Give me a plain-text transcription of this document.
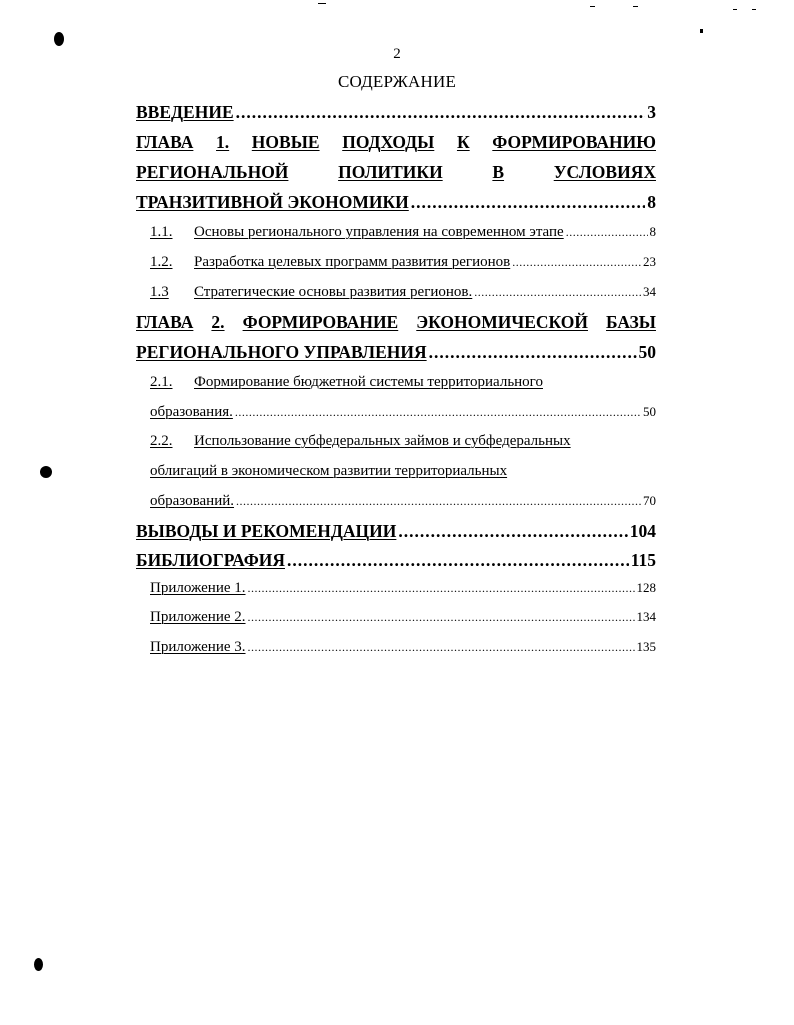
2
СОДЕРЖАНИЕ
ВВЕДЕНИЕ .....	3
ГЛАВА 1. НОВЫЕ ПОДХОДЫ К ФОРМИРОВАНИЮ
РЕГИОНАЛЬНОЙ	ПОЛИТИКИ	В	УСЛОВИЯХ
ТРАНЗИТИВНОЙ ЭКОНОМИКИ .....	8
1.1.	Основы регионального управления на современном этапе .....	8
1.2.	Разработка целевых программ развития регионов .....	23
1.3	Стратегические основы развития регионов. .....	34
ГЛАВА 2. ФОРМИРОВАНИЕ ЭКОНОМИЧЕСКОЙ БАЗЫ
РЕГИОНАЛЬНОГО УПРАВЛЕНИЯ .....	50
2.1.	Формирование бюджетной системы территориального
образования. .....	50
2.2.	Использование субфедеральных займов и субфедеральных
облигаций в экономическом развитии территориальных
образований. .....	70
ВЫВОДЫ И РЕКОМЕНДАЦИИ .....	104
БИБЛИОГРАФИЯ .....	115
Приложение 1. .....	128
Приложение 2. .....	134
Приложение 3. .....	135
